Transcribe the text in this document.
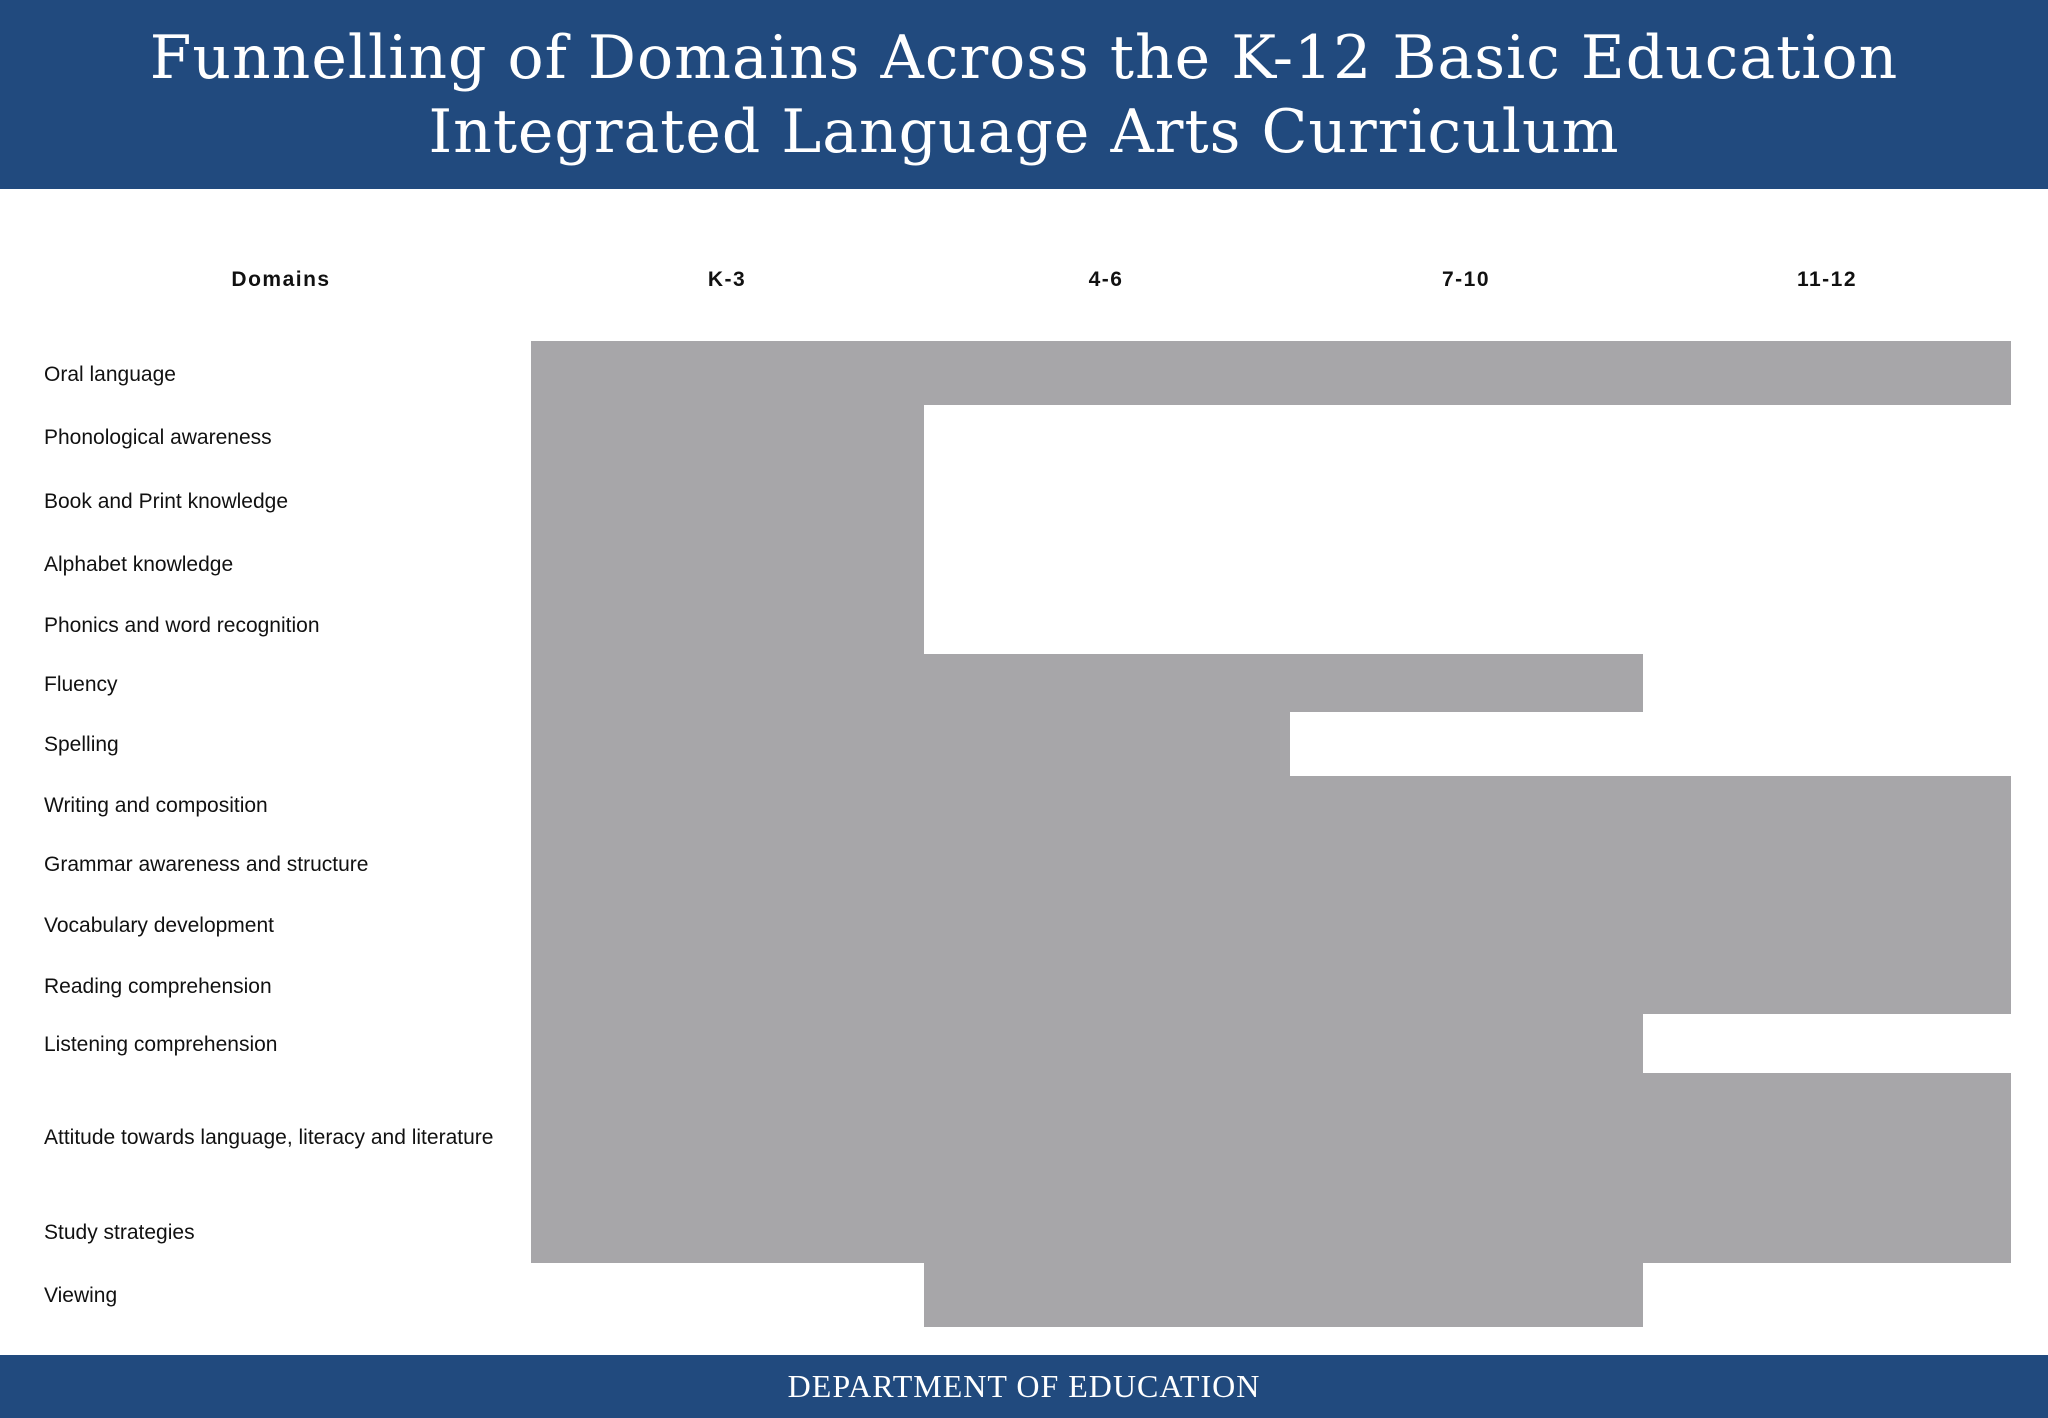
Funnelling of Domains Across the K-12 Basic Education
Integrated Language Arts Curriculum
Domains	K-3	4-6	7-10	11-12
Oral language
Phonological awareness
Book and Print knowledge
Alphabet knowledge
Phonics and word recognition
Fluency
Spelling
Writing and composition
Grammar awareness and structure
Vocabulary development
Reading comprehension
Listening comprehension
Attitude towards language, literacy and literature
Study strategies
Viewing
DEPARTMENT OF EDUCATION
